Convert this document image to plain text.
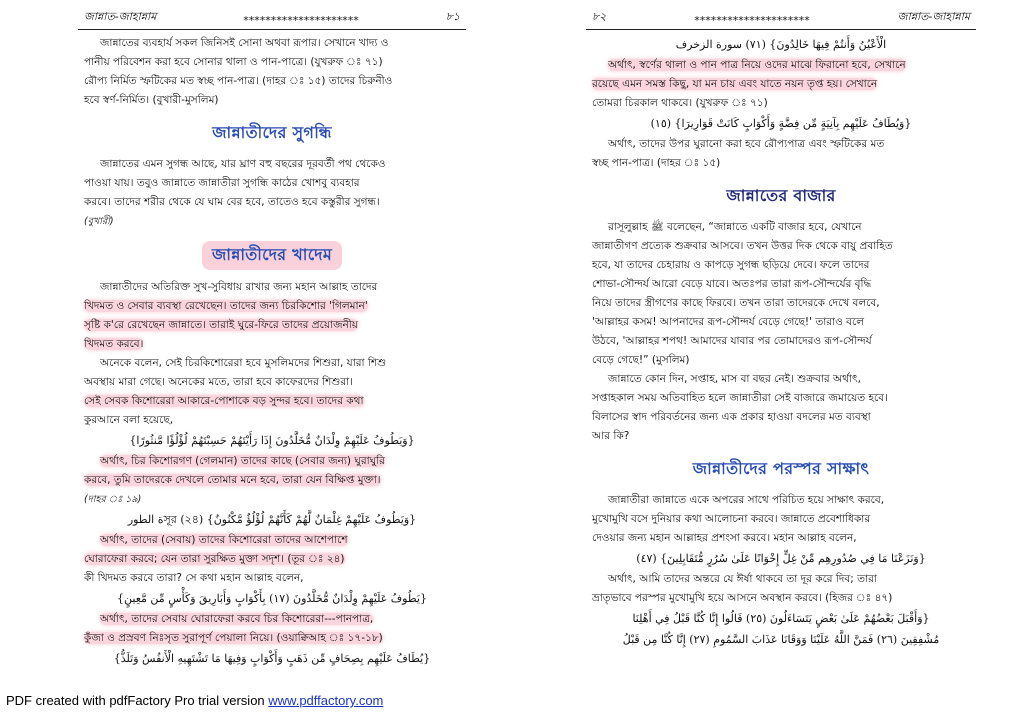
জান্নাত-জাহান্নাম	*********************	৮১

জান্নাতের ব্যবহার্য সকল জিনিসই সোনা অথবা রূপার। সেখানে খাদ্য ও
পানীয় পরিবেশন করা হবে সোনার থালা ও পান-পাত্রে। (যুখরুফ ঃ ৭১)
রৌপ্য নির্মিত স্ফটিকের মত স্বচ্ছ পান-পাত্র। (দাহর ঃ ১৫) তাদের চিরুনীও
হবে স্বর্ণ-নির্মিত। (বুখারী-মুসলিম)

জান্নাতীদের সুগন্ধি

জান্নাতের এমন সুগন্ধ আছে, যার ঘ্রাণ বহু বছরের দূরবর্তী পথ থেকেও
পাওয়া যায়। তবুও জান্নাতে জান্নাতীরা সুগন্ধি কাঠের খোশবু ব্যবহার
করবে। তাদের শরীর থেকে যে ঘাম বের হবে, তাতেও হবে কস্তুরীর সুগন্ধ।
(বুখারী)

জান্নাতীদের খাদেম

জান্নাতীদের অতিরিক্ত সুখ-সুবিধায় রাখার জন্য মহান আল্লাহ তাদের
খিদমত ও সেবার ব্যবস্থা রেখেছেন। তাদের জন্য চিরকিশোর 'গিলমান'
সৃষ্টি ক'রে রেখেছেন জান্নাতে। তারাই ঘুরে-ফিরে তাদের প্রয়োজনীয়
খিদমত করবে।

অনেকে বলেন, সেই চিরকিশোরেরা হবে মুসলিমদের শিশুরা, যারা শিশু
অবস্থায় মারা গেছে। অনেকের মতে, তারা হবে কাফেরদের শিশুরা।
সেই সেবক কিশোরেরা আকারে-পোশাকে বড় সুন্দর হবে। তাদের কথা
কুরআনে বলা হয়েছে,

{وَيَطُوفُ عَلَيْهِمْ وِلْدَانٌ مُّخَلَّدُونَ إِذَا رَأَيْتَهُمْ حَسِبْتَهُمْ لُؤْلُؤًا مَّنثُورًا}

অর্থাৎ, চির কিশোরগণ (গেলমান) তাদের কাছে (সেবার জন্য) ঘুরাঘুরি
করবে, তুমি তাদেরকে দেখলে তোমার মনে হবে, তারা যেন বিক্ষিপ্ত মুক্তা।
(দাহর ঃ ১৯)

{وَيَطُوفُ عَلَيْهِمْ غِلْمَانٌ لَّهُمْ كَأَنَّهُمْ لُؤْلُؤٌ مَّكْنُونٌ} (২৪) সূরة الطور

অর্থাৎ, তাদের (সেবায়) তাদের কিশোরেরা তাদের আশেপাশে
ঘোরাফেরা করবে; যেন তারা সুরক্ষিত মুক্তা সদৃশ। (তূর ঃ ২৪)
কী খিদমত করবে তারা? সে কথা মহান আল্লাহ বলেন,

{يَطُوفُ عَلَيْهِمْ وِلْدَانٌ مُّخَلَّدُونَ (١٧) بِأَكْوَابٍ وَأَبَارِيقَ وَكَأْسٍ مِّن مَّعِينٍ}

অর্থাৎ, তাদের সেবায় ঘোরাফেরা করবে চির কিশোরেরা---পানপাত্র,
কুঁজা ও প্রস্রবণ নিঃসৃত সুরাপূর্ণ পেয়ালা নিয়ে। (ওয়াক্বিআহ ঃ ১৭-১৮)

{يُطَافُ عَلَيْهِم بِصِحَافٍ مِّن ذَهَبٍ وَأَكْوَابٍ وَفِيهَا مَا تَشْتَهِيهِ الْأَنفُسُ وَتَلَذُّ}
৮২	*********************	জান্নাত-জাহান্নাম
الْأَعْيُنُ وَأَنتُمْ فِيهَا خَالِدُونَ} (٧١) سورة الزخرف

অর্থাৎ, স্বর্ণের থালা ও পান পাত্র নিয়ে ওদের মাঝে ফিরানো হবে, সেখানে
রয়েছে এমন সমস্ত কিছু, যা মন চায় এবং যাতে নয়ন তৃপ্ত হয়। সেখানে
তোমরা চিরকাল থাকবে। (যুখরুফ ঃ ৭১)

{وَيُطَافُ عَلَيْهِم بِآنِيَةٍ مِّن فِضَّةٍ وَأَكْوَابٍ كَانَتْ قَوَارِيرَا} (١٥)

অর্থাৎ, তাদের উপর ঘুরানো করা হবে রৌপ্যপাত্র এবং স্ফটিকের মত
স্বচ্ছ পান-পাত্র। (দাহর ঃ ১৫)

জান্নাতের বাজার

রাসূলুল্লাহ ﷺ বলেছেন, “জান্নাতে একটি বাজার হবে, যেখানে
জান্নাতীগণ প্রত্যেক শুক্রবার আসবে। তখন উত্তর দিক থেকে বায়ু প্রবাহিত
হবে, যা তাদের চেহারায় ও কাপড়ে সুগন্ধ ছড়িয়ে দেবে। ফলে তাদের
শোভা-সৌন্দর্য আরো বেড়ে যাবে। অতঃপর তারা রূপ-সৌন্দর্যের বৃদ্ধি
নিয়ে তাদের স্ত্রীগণের কাছে ফিরবে। তখন তারা তাদেরকে দেখে বলবে,
'আল্লাহর কসম! আপনাদের রূপ-সৌন্দর্য বেড়ে গেছে!' তারাও বলে
উঠবে, 'আল্লাহর শপথ! আমাদের যাবার পর তোমাদেরও রূপ-সৌন্দর্য
বেড়ে গেছে!” (মুসলিম)

জান্নাতে কোন দিন, সপ্তাহ, মাস বা বছর নেই। শুক্রবার অর্থাৎ,
সপ্তাহকাল সময় অতিবাহিত হলে জান্নাতীরা সেই বাজারে জমায়েত হবে।
বিলাসের স্বাদ পরিবর্তনের জন্য এক প্রকার হাওয়া বদলের মত ব্যবস্থা
আর কি?

জান্নাতীদের পরস্পর সাক্ষাৎ

জান্নাতীরা জান্নাতে একে অপরের সাথে পরিচিত হয়ে সাক্ষাৎ করবে,
মুখোমুখি বসে দুনিয়ার কথা আলোচনা করবে। জান্নাতে প্রবেশাধিকার
দেওয়ার জন্য মহান আল্লাহর প্রশংসা করবে। মহান আল্লাহ বলেন,

{وَنَزَعْنَا مَا فِي صُدُورِهِم مِّنْ غِلٍّ إِخْوَانًا عَلَىٰ سُرُرٍ مُّتَقَابِلِينَ} (٤٧)

অর্থাৎ, আমি তাদের অন্তরে যে ঈর্ষা থাকবে তা দূর করে দিব; তারা
ভ্রাতৃভাবে পরস্পর মুখোমুখি হয়ে আসনে অবস্থান করবে। (হিজর ঃ ৪৭)

{وَأَقْبَلَ بَعْضُهُمْ عَلَىٰ بَعْضٍ يَتَسَاءَلُونَ (٢٥) قَالُوا إِنَّا كُنَّا قَبْلُ فِي أَهْلِنَا
مُشْفِقِينَ (٢٦) فَمَنَّ اللَّهُ عَلَيْنَا وَوَقَانَا عَذَابَ السَّمُومِ (٢٧) إِنَّا كُنَّا مِن قَبْلُ
PDF created with pdfFactory Pro trial version www.pdffactory.com
